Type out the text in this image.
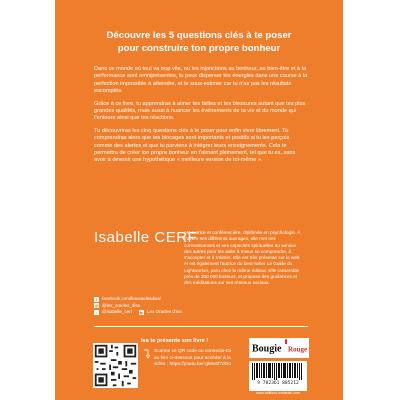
Découvre les 5 questions clés à te poser
pour construire ton propre bonheur

Dans ce monde où tout va trop vite, où les injonctions au bonheur, au bien-être et à la performance sont omniprésentes, tu peux disperser tes énergies dans une course à la perfection impossible à atteindre, et te sous-estimer car tu n'as pas les résultats escomptés.

Grâce à ce livre, tu apprendras à aimer tes failles et tes blessures autant que tes plus grandes qualités, mais aussi à nuancer les événements de ta vie et du monde qui t'entoure ainsi que tes réactions.

Tu découvriras les cinq questions clés à te poser pour enfin vivre librement. Tu comprendras alors que tes blocages sont importants et positifs si tu les perçois comme des alertes et que tu parviens à intégrer leurs enseignements. Cela te permettra de créer ton propre bonheur en t'aimant pleinement, tel que tu es, sans avoir à devenir une hypothétique « meilleure version de toi-même ».

Isabelle CERF
est autrice et conférencière, diplômée en psychologie. À travers ses différents ouvrages, elle met ses connaissances et ses capacités spirituelles au service des autres pour les aider à mieux se comprendre, à s'accepter et à s'aimer. Elle est très présente sur le web et est également l'autrice du best-seller Le Guide du Lightworker, paru chez le même éditeur. Elle rassemble près de 300 000 lecteurs, et propose des guidances et des méditations sur ses réseaux sociaux.
f	facebook.com/lesoraclesdisa/
◎ @les_oracles_disa
♪	@isabelle_cerf
▶ Les Oracles d'Isa
Isa te présente son livre !
Scanne ce QR code ou connecte-toi au lien ci-dessous pour accéder à la vidéo : https://youtu.be/-gk9x6f7dOo
Bougie Rouge
9 782361 885212
www.editions-tredaniel.com
